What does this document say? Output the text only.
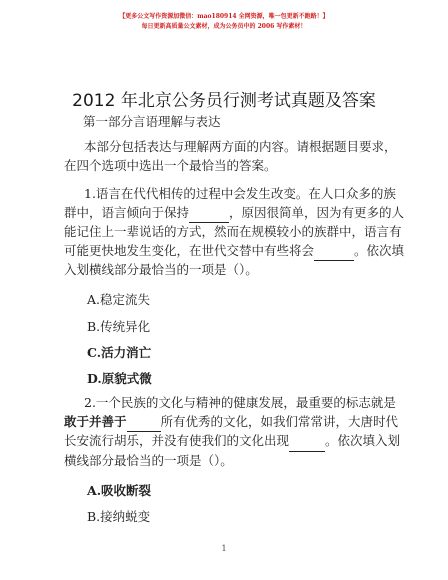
【更多公文写作资源加微信：mao180914 全网资源，唯一包更新不跑路！】
每日更新高质量公文素材，成为公务员中的 2006 写作素材！
2012 年北京公务员行测考试真题及答案
第一部分言语理解与表达
本部分包括表达与理解两方面的内容。请根据题目要求，
在四个选项中选出一个最恰当的答案。
1.语言在代代相传的过程中会发生改变。在人口众多的族
群中，语言倾向于保持	，原因很简单，因为有更多的人
能记住上一辈说话的方式，然而在规模较小的族群中，语言有
可能更快地发生变化，在世代交替中有些将会	。依次填
入划横线部分最恰当的一项是（）。
A.稳定流失
B.传统异化
C.活力消亡
D.原貌式微
2.一个民族的文化与精神的健康发展，最重要的标志就是
敢于并善于	所有优秀的文化，如我们常常讲，大唐时代
长安流行胡乐，并没有使我们的文化出现	。依次填入划
横线部分最恰当的一项是（）。
A.吸收断裂
B.接纳蜕变
1
